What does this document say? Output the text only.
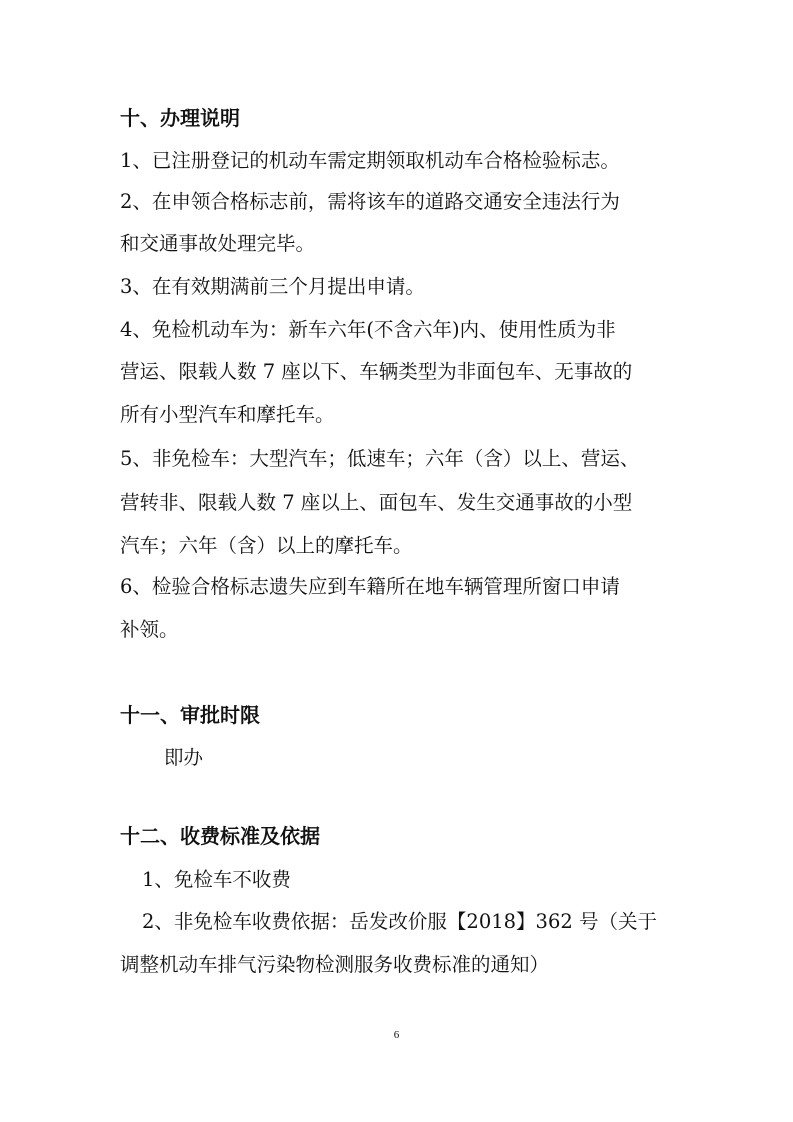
十、办理说明
1、已注册登记的机动车需定期领取机动车合格检验标志。
2、在申领合格标志前，需将该车的道路交通安全违法行为
和交通事故处理完毕。
3、在有效期满前三个月提出申请。
4、免检机动车为：新车六年(不含六年)内、使用性质为非
营运、限载人数 7 座以下、车辆类型为非面包车、无事故的
所有小型汽车和摩托车。
5、非免检车：大型汽车；低速车；六年（含）以上、营运、
营转非、限载人数 7 座以上、面包车、发生交通事故的小型
汽车；六年（含）以上的摩托车。
6、检验合格标志遗失应到车籍所在地车辆管理所窗口申请
补领。
十一、审批时限
即办
十二、收费标准及依据
1、免检车不收费
2、非免检车收费依据：岳发改价服【2018】362 号（关于
调整机动车排气污染物检测服务收费标准的通知）
6
